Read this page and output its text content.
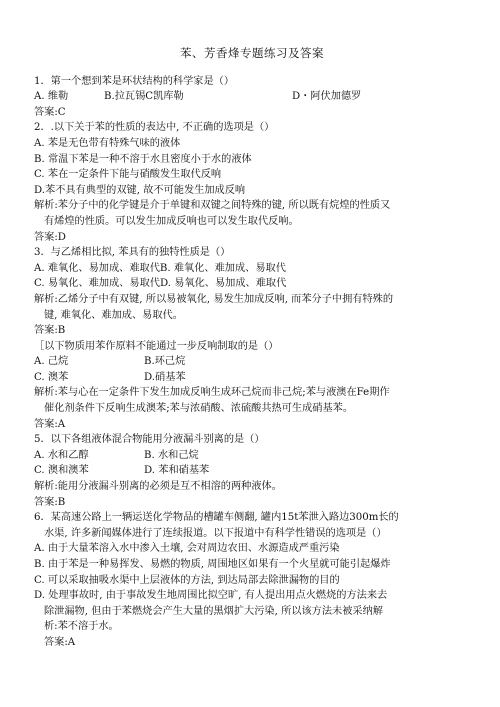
苯、芳香烽专题练习及答案
1．第一个想到苯是环状结构的科学家是（）
A. 维勒	B.拉瓦锡C凯库勒	D・阿伏加德罗
答案:C
2．.以下关于苯的性质的表达中, 不正确的选项是（）
A. 苯是无色带有特殊气味的液体
B. 常温下苯是一种不溶于水且密度小于水的液体
C. 苯在一定条件下能与硝酸发生取代反响
D.苯不具有典型的双键, 故不可能发生加成反响
解析:苯分子中的化学键是介于单键和双键之间特殊的键, 所以既有烷煌的性质又
有烯煌的性质。可以发生加成反响也可以发生取代反响。
答案:D
3．与乙烯相比拟, 苯具有的独特性质是（）
A. 难氧化、易加成、难取代B. 难氧化、难加成、易取代
C. 易氧化、难加成、易取代D. 易氧化、易加成、难取代
解析:乙烯分子中有双键, 所以易被氧化, 易发生加成反响, 而苯分子中拥有特殊的
键, 难氧化、难加成、易取代。
答案:B
［以下物质用苯作原料不能通过一步反响制取的是（）
A. 己烷	B.环己烷
C. 澳苯	D.硝基苯
解析:苯与心在一定条件下发生加成反响生成环己烷而非己烷;苯与液澳在Fe期作
催化剂条件下反响生成澳苯;苯与浓硝酸、浓硫酸共热可生成硝基苯。
答案:A
5．以下各组液体混合物能用分液漏斗别离的是（）
A. 水和乙醇	B. 水和己烷
C. 澳和澳苯	D. 苯和硝基苯
解析:能用分液漏斗别离的必须是互不相溶的两种液体。
答案:B
6．某高速公路上一辆运送化学物品的槽罐车侧翻, 罐内15t苯泄入路边300m长的
水渠, 许多新闻媒体进行了连续报道。以下报道中有科学性错误的选项是（）
A. 由于大量苯溶入水中渗入土壤, 会对周边农田、水源造成严重污染
B. 由于苯是一种易挥发、易燃的物质, 周围地区如果有一个火星就可能引起爆炸
C. 可以采取抽吸水渠中上层液体的方法, 到达局部去除泄漏物的目的
D. 处理事故时, 由于事故发生地周围比拟空旷, 有人提出用点火燃烧的方法来去
除泄漏物, 但由于苯燃烧会产生大量的黑烟扩大污染, 所以该方法未被采纳解
析:苯不溶于水。
答案:A
